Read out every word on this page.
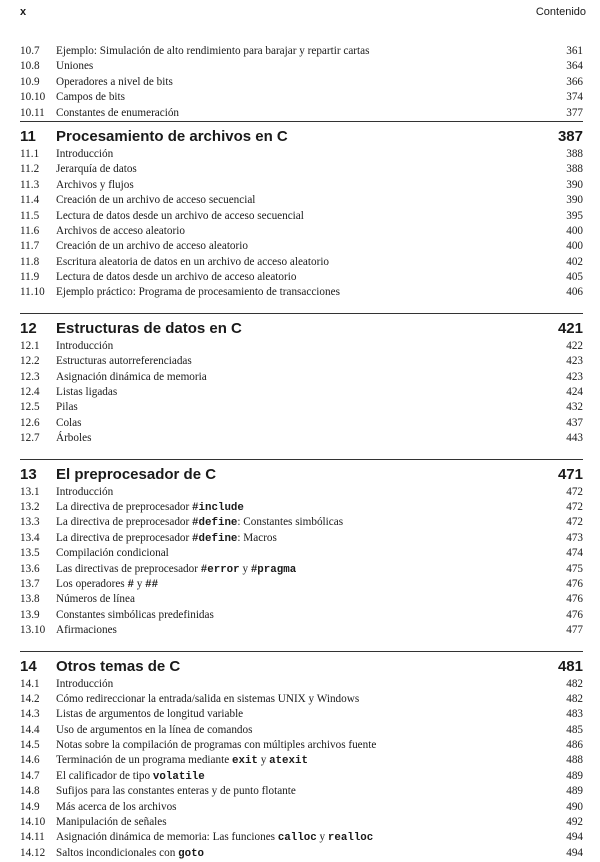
x	Contenido
10.7 Ejemplo: Simulación de alto rendimiento para barajar y repartir cartas	361
10.8 Uniones	364
10.9 Operadores a nivel de bits	366
10.10 Campos de bits	374
10.11 Constantes de enumeración	377
11 Procesamiento de archivos en C	387
11.1 Introducción	388
11.2 Jerarquía de datos	388
11.3 Archivos y flujos	390
11.4 Creación de un archivo de acceso secuencial	390
11.5 Lectura de datos desde un archivo de acceso secuencial	395
11.6 Archivos de acceso aleatorio	400
11.7 Creación de un archivo de acceso aleatorio	400
11.8 Escritura aleatoria de datos en un archivo de acceso aleatorio	402
11.9 Lectura de datos desde un archivo de acceso aleatorio	405
11.10 Ejemplo práctico: Programa de procesamiento de transacciones	406
12 Estructuras de datos en C	421
12.1 Introducción	422
12.2 Estructuras autorreferenciadas	423
12.3 Asignación dinámica de memoria	423
12.4 Listas ligadas	424
12.5 Pilas	432
12.6 Colas	437
12.7 Árboles	443
13 El preprocesador de C	471
13.1 Introducción	472
13.2 La directiva de preprocesador #include	472
13.3 La directiva de preprocesador #define: Constantes simbólicas	472
13.4 La directiva de preprocesador #define: Macros	473
13.5 Compilación condicional	474
13.6 Las directivas de preprocesador #error y #pragma	475
13.7 Los operadores # y ##	476
13.8 Números de línea	476
13.9 Constantes simbólicas predefinidas	476
13.10 Afirmaciones	477
14 Otros temas de C	481
14.1 Introducción	482
14.2 Cómo redireccionar la entrada/salida en sistemas UNIX y Windows	482
14.3 Listas de argumentos de longitud variable	483
14.4 Uso de argumentos en la línea de comandos	485
14.5 Notas sobre la compilación de programas con múltiples archivos fuente	486
14.6 Terminación de un programa mediante exit y atexit	488
14.7 El calificador de tipo volatile	489
14.8 Sufijos para las constantes enteras y de punto flotante	489
14.9 Más acerca de los archivos	490
14.10 Manipulación de señales	492
14.11 Asignación dinámica de memoria: Las funciones calloc y realloc	494
14.12 Saltos incondicionales con goto	494
